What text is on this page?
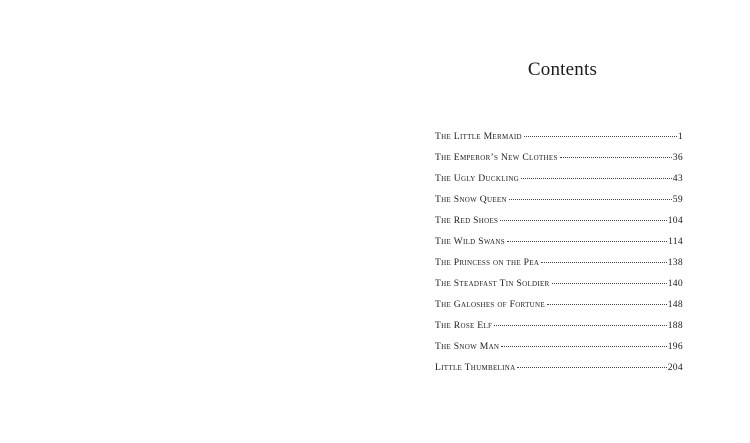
Contents
The Little Mermaid	1
The Emperor’s New Clothes	36
The Ugly Duckling	43
The Snow Queen	59
The Red Shoes	104
The Wild Swans	114
The Princess on the Pea	138
The Steadfast Tin Soldier	140
The Galoshes of Fortune	148
The Rose Elf	188
The Snow Man	196
Little Thumbelina	204
